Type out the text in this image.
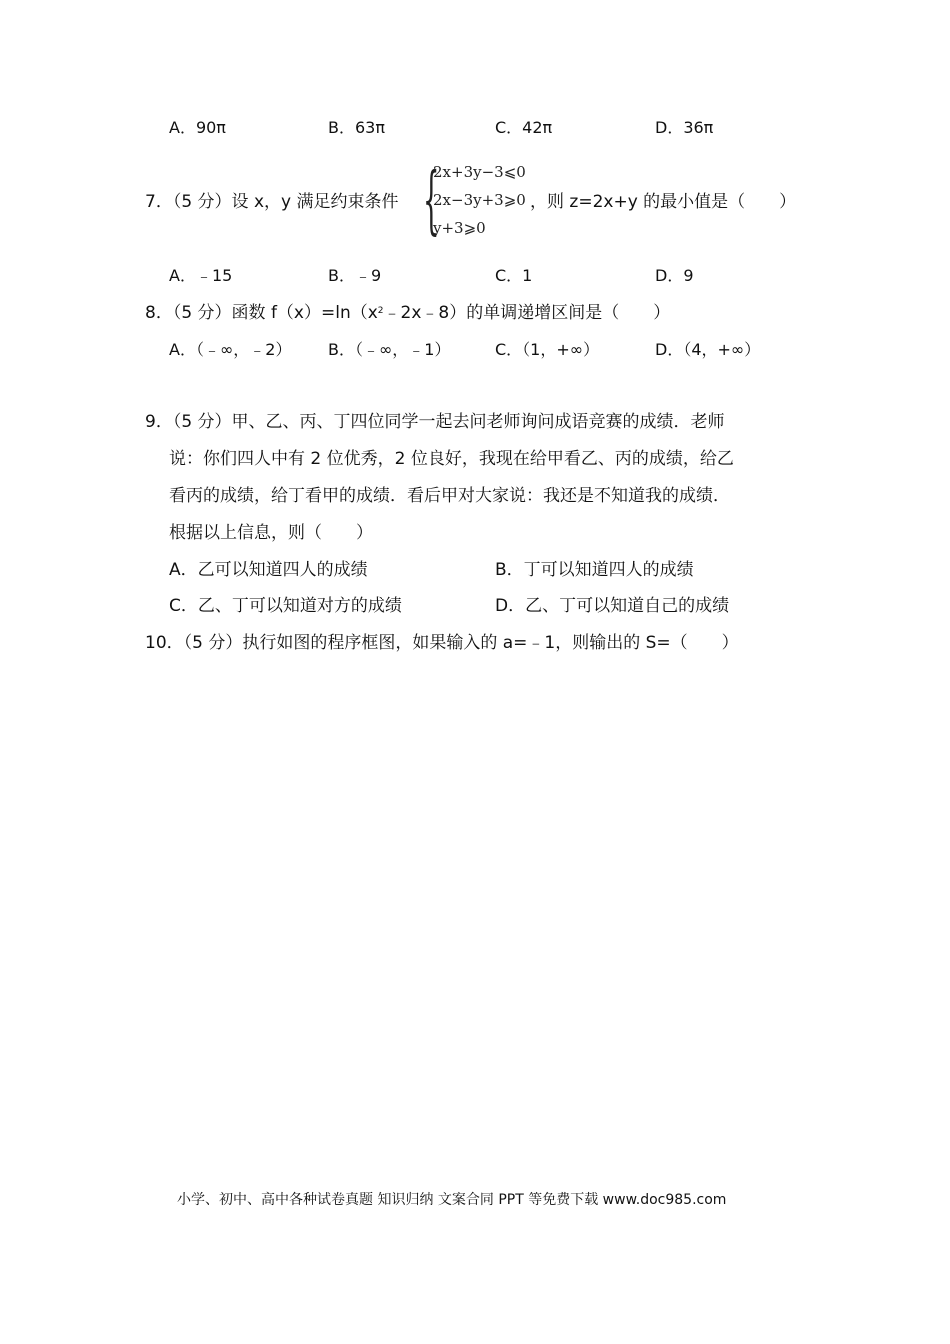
A．90π	B．63π	C．42π	D．36π
7．（5 分）设 x，y 满足约束条件 {
2x+3y−3⩽0
2x−3y+3⩾0
y+3⩾0
，则 z=2x+y 的最小值是（　　）
A．﹣15	B．﹣9	C．1	D．9
8．（5 分）函数 $f(x)=\ln(x^2﹣2x﹣8)$的单调递增区间是（　　）
A．（﹣∞，﹣2） B．（﹣∞，﹣1）	C．（1，+∞）	D．（4，+∞）
9．（5 分）甲、乙、丙、丁四位同学一起去问老师询问成语竞赛的成绩．老师
说：你们四人中有 2 位优秀，2 位良好，我现在给甲看乙、丙的成绩，给乙
看丙的成绩，给丁看甲的成绩．看后甲对大家说：我还是不知道我的成绩．
根据以上信息，则（　　）
A．乙可以知道四人的成绩	B．丁可以知道四人的成绩
C．乙、丁可以知道对方的成绩	D．乙、丁可以知道自己的成绩
10．（5 分）执行如图的程序框图，如果输入的 a=﹣1，则输出的 S=（　　）
小学、初中、高中各种试卷真题 知识归纳 文案合同 PPT 等免费下载 www.doc985.com
